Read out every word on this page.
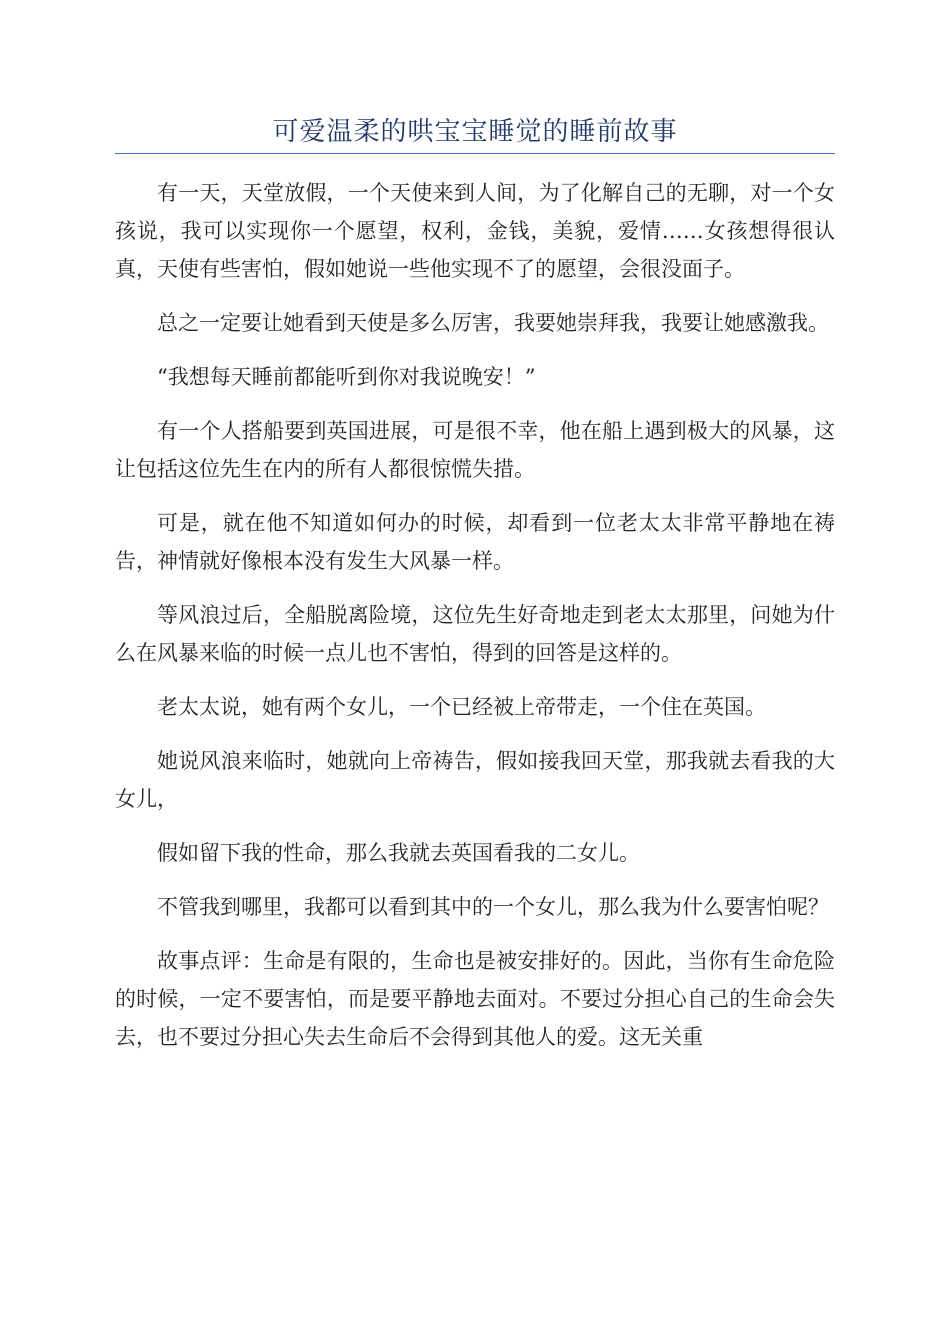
可爱温柔的哄宝宝睡觉的睡前故事

有一天，天堂放假，一个天使来到人间，为了化解自己的无聊，对一个女孩说，我可以实现你一个愿望，权利，金钱，美貌，爱情……女孩想得很认真，天使有些害怕，假如她说一些他实现不了的愿望，会很没面子。

总之一定要让她看到天使是多么厉害，我要她崇拜我，我要让她感激我。

“我想每天睡前都能听到你对我说晚安！”

有一个人搭船要到英国进展，可是很不幸，他在船上遇到极大的风暴，这让包括这位先生在内的所有人都很惊慌失措。

可是，就在他不知道如何办的时候，却看到一位老太太非常平静地在祷告，神情就好像根本没有发生大风暴一样。

等风浪过后，全船脱离险境，这位先生好奇地走到老太太那里，问她为什么在风暴来临的时候一点儿也不害怕，得到的回答是这样的。

老太太说，她有两个女儿，一个已经被上帝带走，一个住在英国。

她说风浪来临时，她就向上帝祷告，假如接我回天堂，那我就去看我的大女儿，

假如留下我的性命，那么我就去英国看我的二女儿。

不管我到哪里，我都可以看到其中的一个女儿，那么我为什么要害怕呢？

故事点评：生命是有限的，生命也是被安排好的。因此，当你有生命危险的时候，一定不要害怕，而是要平静地去面对。不要过分担心自己的生命会失去，也不要过分担心失去生命后不会得到其他人的爱。这无关重
